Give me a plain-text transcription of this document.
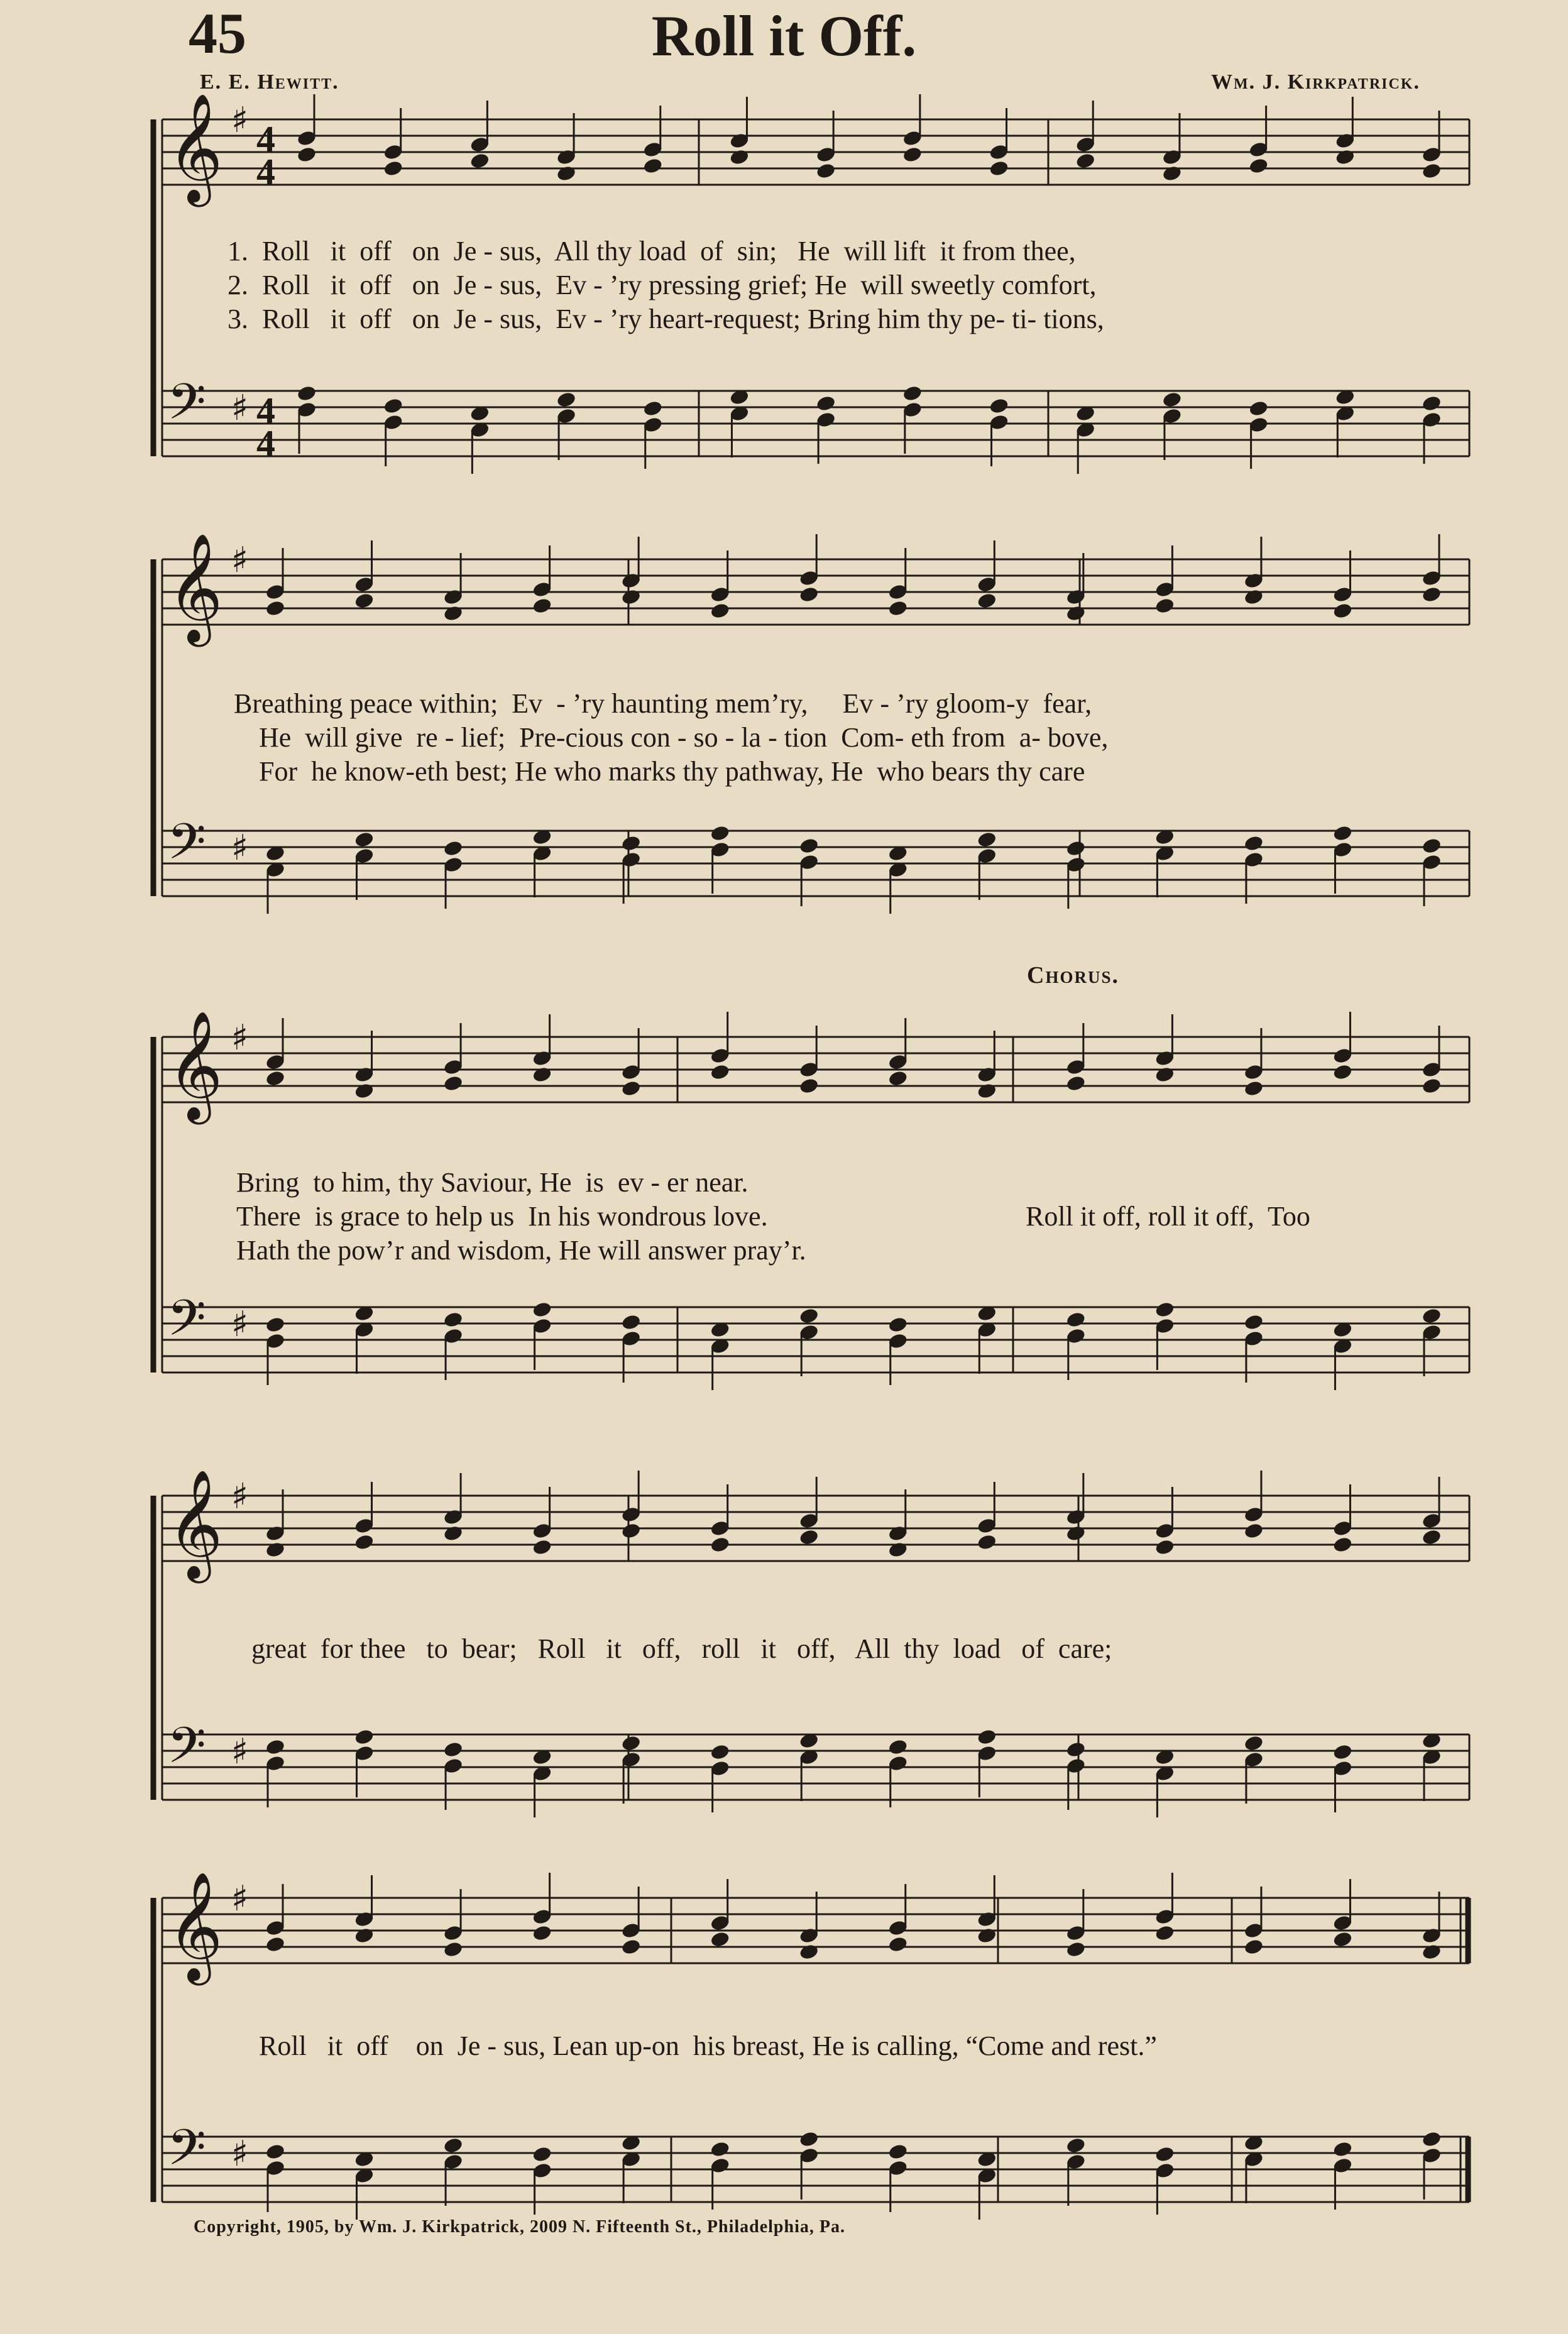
45	Roll it Off.
E. E. Hewitt.	Wm. J. Kirkpatrick.
𝄞 ♯
𝄢 ♯
4
4
4
4
𝄞 ♯
𝄢 ♯
𝄞 ♯
𝄢 ♯
𝄞 ♯
𝄢 ♯
𝄞 ♯
𝄢 ♯
1.  Roll   it  off   on  Je - sus,  All thy load  of  sin;   He  will lift  it from thee,
2.  Roll   it  off   on  Je - sus,  Ev - ’ry pressing grief; He  will sweetly comfort,
3.  Roll   it  off   on  Je - sus,  Ev - ’ry heart-request; Bring him thy pe- ti- tions,
Breathing peace within;  Ev  - ’ry haunting mem’ry,     Ev - ’ry gloom-y  fear,
He  will give  re - lief;  Pre-cious con - so - la - tion  Com- eth from  a- bove,
For  he know-eth best; He who marks thy pathway, He  who bears thy care
Chorus.
Bring  to him, thy Saviour, He  is  ev - er near.
There  is grace to help us  In his wondrous love.
Hath the pow’r and wisdom, He will answer pray’r.
Roll it off, roll it off,  Too
great  for thee   to  bear;   Roll   it   off,   roll   it   off,   All  thy  load   of  care;
Roll   it  off    on  Je - sus, Lean up-on  his breast, He is calling, “Come and rest.”
Copyright, 1905, by Wm. J. Kirkpatrick, 2009 N. Fifteenth St., Philadelphia, Pa.
